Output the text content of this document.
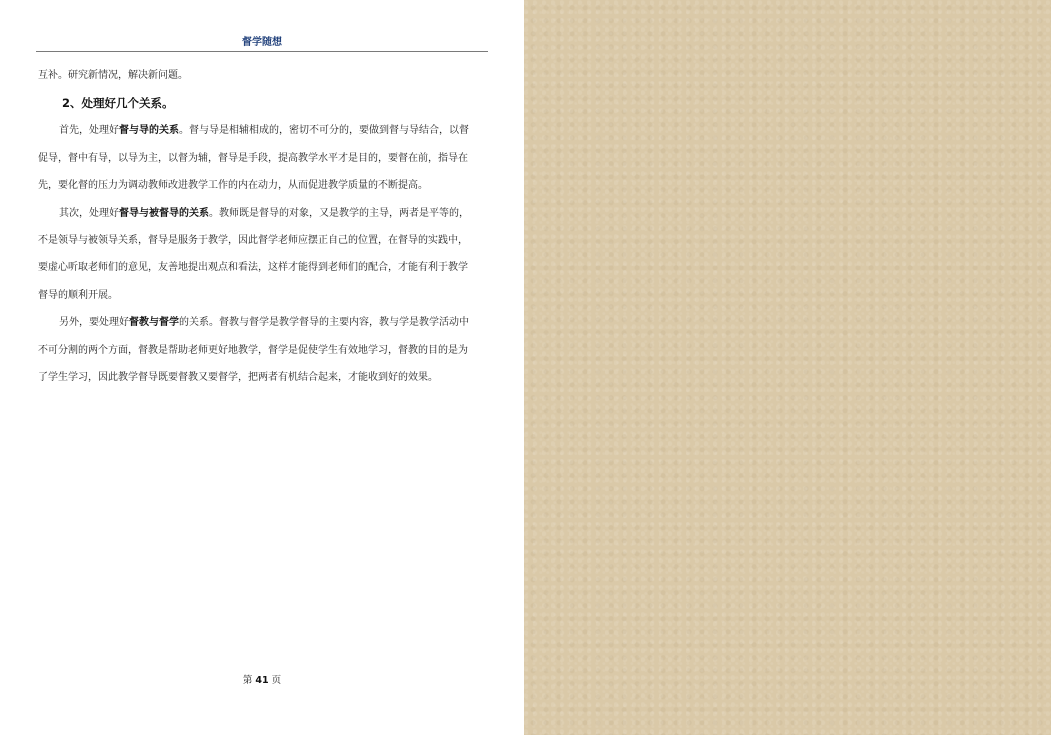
督学随想
互补。研究新情况，解决新问题。
2、处理好几个关系。
首先，处理好督与导的关系。督与导是相辅相成的，密切不可分的，要做到督与导结合，以督
促导，督中有导，以导为主，以督为辅，督导是手段，提高教学水平才是目的，要督在前，指导在
先，要化督的压力为调动教师改进教学工作的内在动力，从而促进教学质量的不断提高。
其次，处理好督导与被督导的关系。教师既是督导的对象，又是教学的主导，两者是平等的，
不是领导与被领导关系，督导是服务于教学，因此督学老师应摆正自己的位置，在督导的实践中，
要虚心听取老师们的意见，友善地提出观点和看法，这样才能得到老师们的配合，才能有利于教学
督导的顺利开展。
另外，要处理好督教与督学的关系。督教与督学是教学督导的主要内容，教与学是教学活动中
不可分割的两个方面，督教是帮助老师更好地教学，督学是促使学生有效地学习，督教的目的是为
了学生学习，因此教学督导既要督教又要督学，把两者有机结合起来，才能收到好的效果。
第 41 页
